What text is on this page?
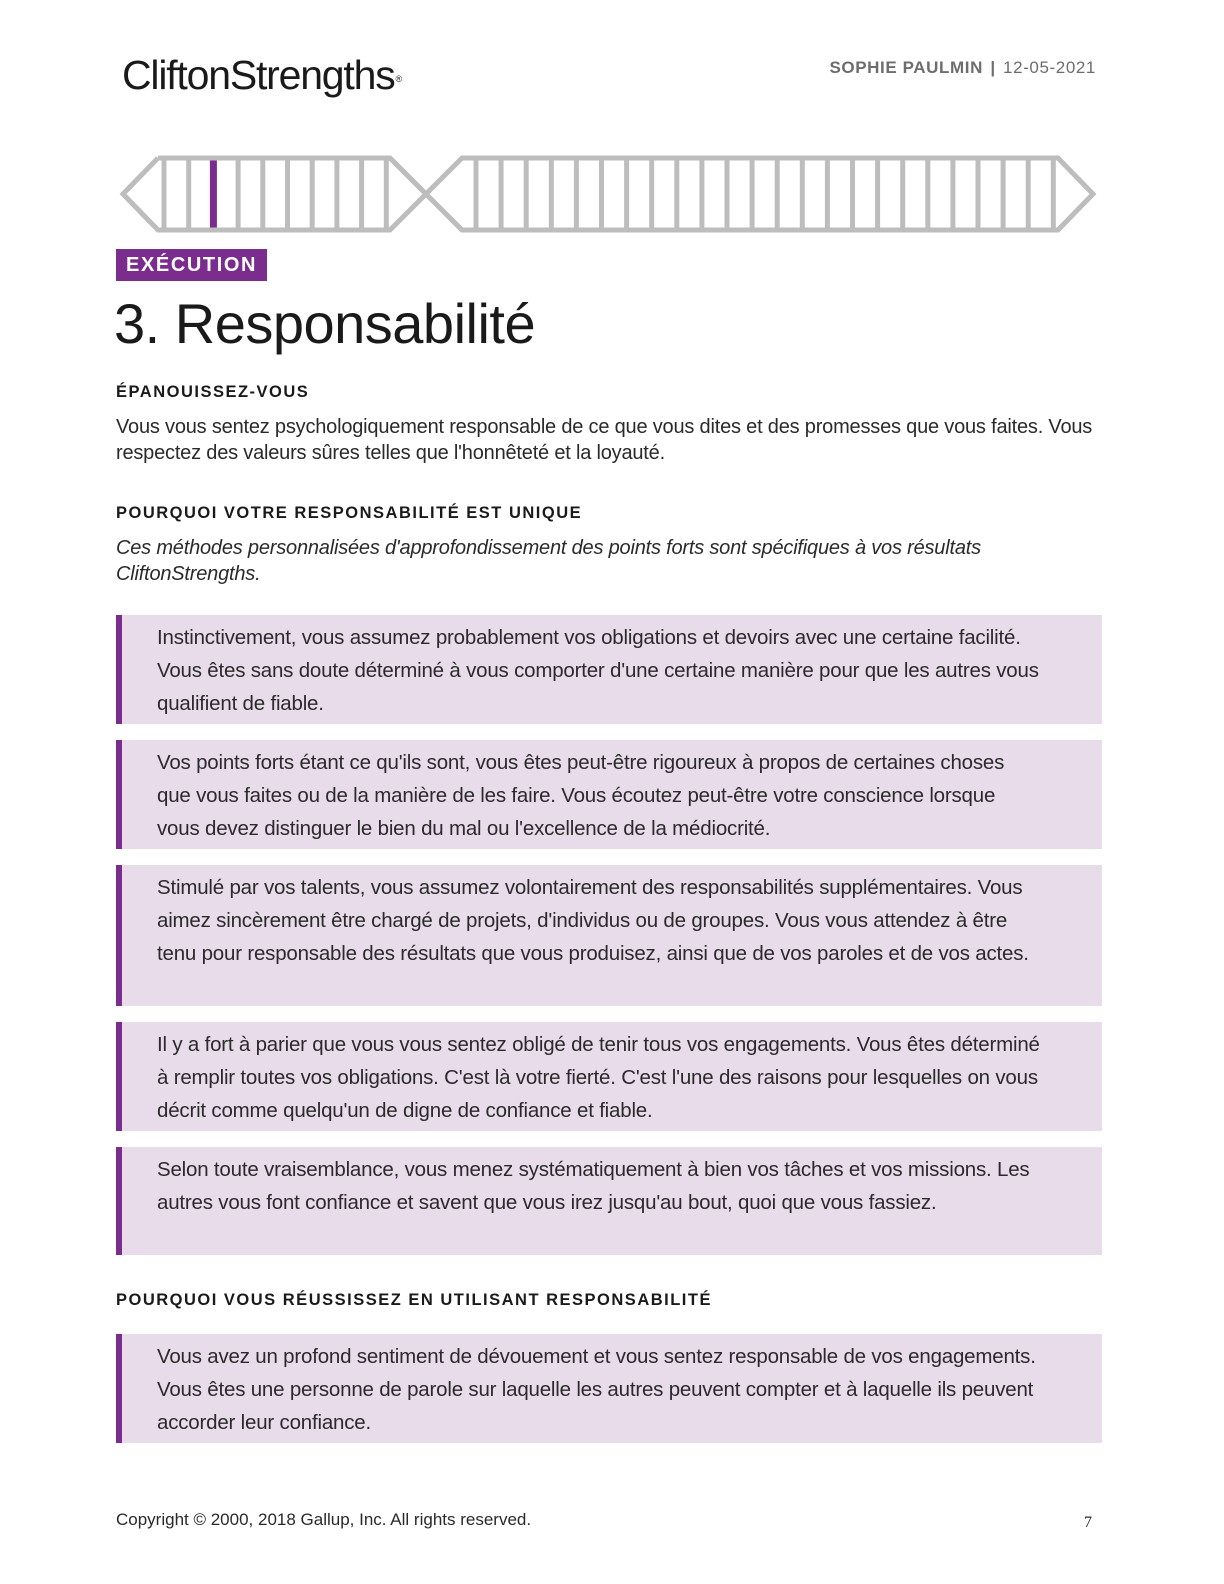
CliftonStrengths®
SOPHIE PAULMIN | 12-05-2021
EXÉCUTION
3. Responsabilité
ÉPANOUISSEZ-VOUS
Vous vous sentez psychologiquement responsable de ce que vous dites et des promesses que vous faites. Vous respectez des valeurs sûres telles que l'honnêteté et la loyauté.
POURQUOI VOTRE RESPONSABILITÉ EST UNIQUE
Ces méthodes personnalisées d'approfondissement des points forts sont spécifiques à vos résultats CliftonStrengths.
Instinctivement, vous assumez probablement vos obligations et devoirs avec une certaine facilité. Vous êtes sans doute déterminé à vous comporter d'une certaine manière pour que les autres vous qualifient de fiable.
Vos points forts étant ce qu'ils sont, vous êtes peut-être rigoureux à propos de certaines choses que vous faites ou de la manière de les faire. Vous écoutez peut-être votre conscience lorsque vous devez distinguer le bien du mal ou l'excellence de la médiocrité.
Stimulé par vos talents, vous assumez volontairement des responsabilités supplémentaires. Vous aimez sincèrement être chargé de projets, d'individus ou de groupes. Vous vous attendez à être tenu pour responsable des résultats que vous produisez, ainsi que de vos paroles et de vos actes.
Il y a fort à parier que vous vous sentez obligé de tenir tous vos engagements. Vous êtes déterminé à remplir toutes vos obligations. C'est là votre fierté. C'est l'une des raisons pour lesquelles on vous décrit comme quelqu'un de digne de confiance et fiable.
Selon toute vraisemblance, vous menez systématiquement à bien vos tâches et vos missions. Les autres vous font confiance et savent que vous irez jusqu'au bout, quoi que vous fassiez.
POURQUOI VOUS RÉUSSISSEZ EN UTILISANT RESPONSABILITÉ
Vous avez un profond sentiment de dévouement et vous sentez responsable de vos engagements. Vous êtes une personne de parole sur laquelle les autres peuvent compter et à laquelle ils peuvent accorder leur confiance.
Copyright © 2000, 2018 Gallup, Inc. All rights reserved.	7
